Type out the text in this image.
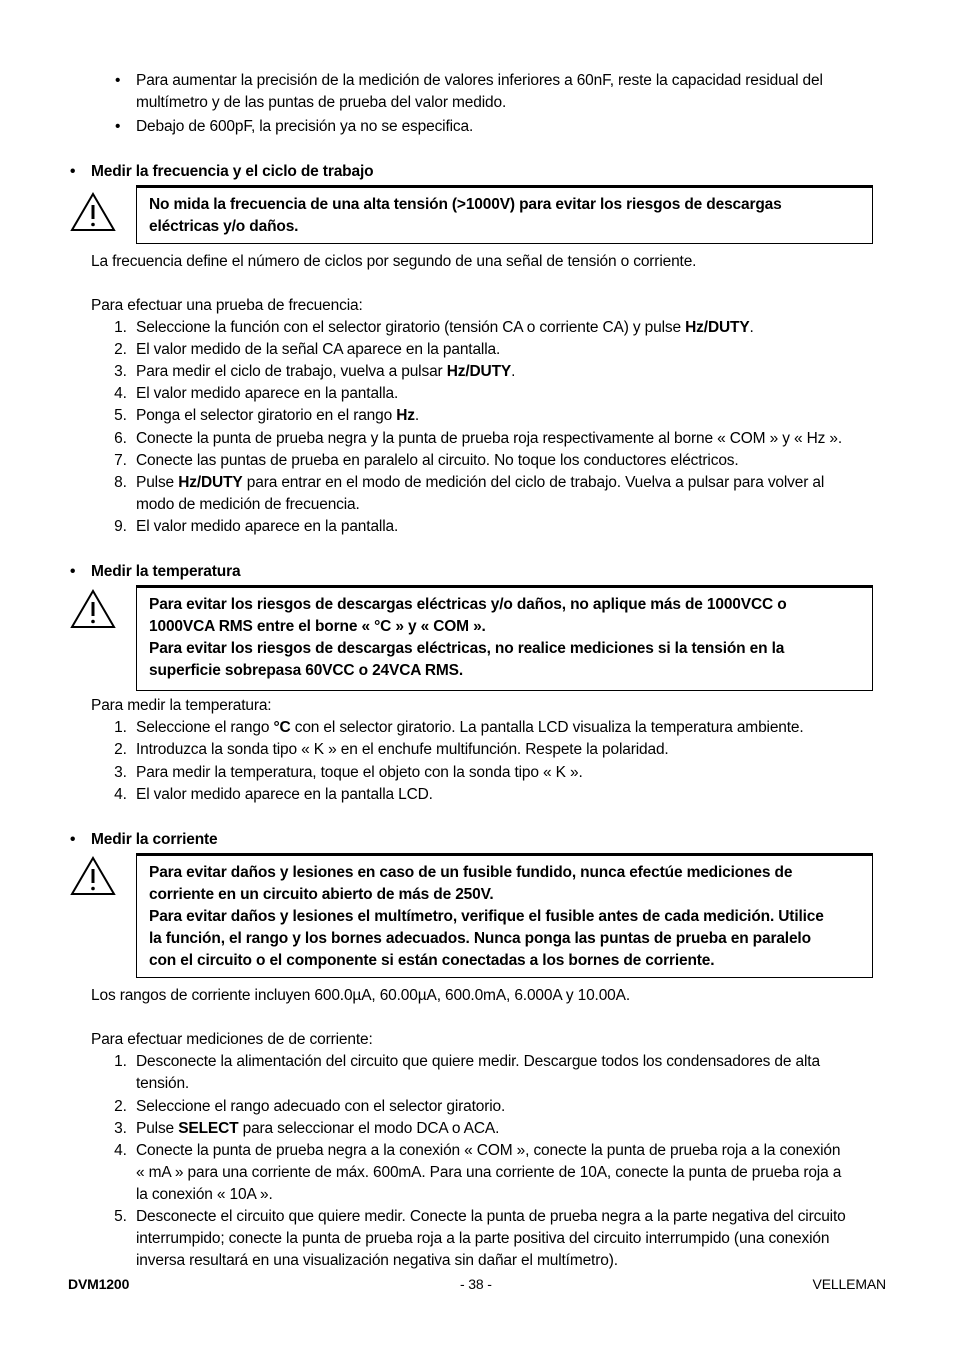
• Para aumentar la precisión de la medición de valores inferiores a 60nF, reste la capacidad residual del
multímetro y de las puntas de prueba del valor medido.
• Debajo de 600pF, la precisión ya no se especifica.
• Medir la frecuencia y el ciclo de trabajo
No mida la frecuencia de una alta tensión (>1000V) para evitar los riesgos de descargas
eléctricas y/o daños.
La frecuencia define el número de ciclos por segundo de una señal de tensión o corriente.
Para efectuar una prueba de frecuencia:
1. Seleccione la función con el selector giratorio (tensión CA o corriente CA) y pulse Hz/DUTY.
2. El valor medido de la señal CA aparece en la pantalla.
3. Para medir el ciclo de trabajo, vuelva a pulsar Hz/DUTY.
4. El valor medido aparece en la pantalla.
5. Ponga el selector giratorio en el rango Hz.
6. Conecte la punta de prueba negra y la punta de prueba roja respectivamente al borne « COM » y « Hz ».
7. Conecte las puntas de prueba en paralelo al circuito. No toque los conductores eléctricos.
8. Pulse Hz/DUTY para entrar en el modo de medición del ciclo de trabajo. Vuelva a pulsar para volver al
modo de medición de frecuencia.
9. El valor medido aparece en la pantalla.
• Medir la temperatura
Para evitar los riesgos de descargas eléctricas y/o daños, no aplique más de 1000VCC o
1000VCA RMS entre el borne « °C » y « COM ».
Para evitar los riesgos de descargas eléctricas, no realice mediciones si la tensión en la
superficie sobrepasa 60VCC o 24VCA RMS.
Para medir la temperatura:
1. Seleccione el rango °C con el selector giratorio. La pantalla LCD visualiza la temperatura ambiente.
2. Introduzca la sonda tipo « K » en el enchufe multifunción. Respete la polaridad.
3. Para medir la temperatura, toque el objeto con la sonda tipo « K ».
4. El valor medido aparece en la pantalla LCD.
• Medir la corriente
Para evitar daños y lesiones en caso de un fusible fundido, nunca efectúe mediciones de
corriente en un circuito abierto de más de 250V.
Para evitar daños y lesiones el multímetro, verifique el fusible antes de cada medición. Utilice
la función, el rango y los bornes adecuados. Nunca ponga las puntas de prueba en paralelo
con el circuito o el componente si están conectadas a los bornes de corriente.
Los rangos de corriente incluyen 600.0µA, 60.00µA, 600.0mA, 6.000A y 10.00A.
Para efectuar mediciones de de corriente:
1. Desconecte la alimentación del circuito que quiere medir. Descargue todos los condensadores de alta
tensión.
2. Seleccione el rango adecuado con el selector giratorio.
3. Pulse SELECT para seleccionar el modo DCA o ACA.
4. Conecte la punta de prueba negra a la conexión « COM », conecte la punta de prueba roja a la conexión
« mA » para una corriente de máx. 600mA. Para una corriente de 10A, conecte la punta de prueba roja a
la conexión « 10A ».
5. Desconecte el circuito que quiere medir. Conecte la punta de prueba negra a la parte negativa del circuito
interrumpido; conecte la punta de prueba roja a la parte positiva del circuito interrumpido (una conexión
inversa resultará en una visualización negativa sin dañar el multímetro).
DVM1200	- 38 -	VELLEMAN
